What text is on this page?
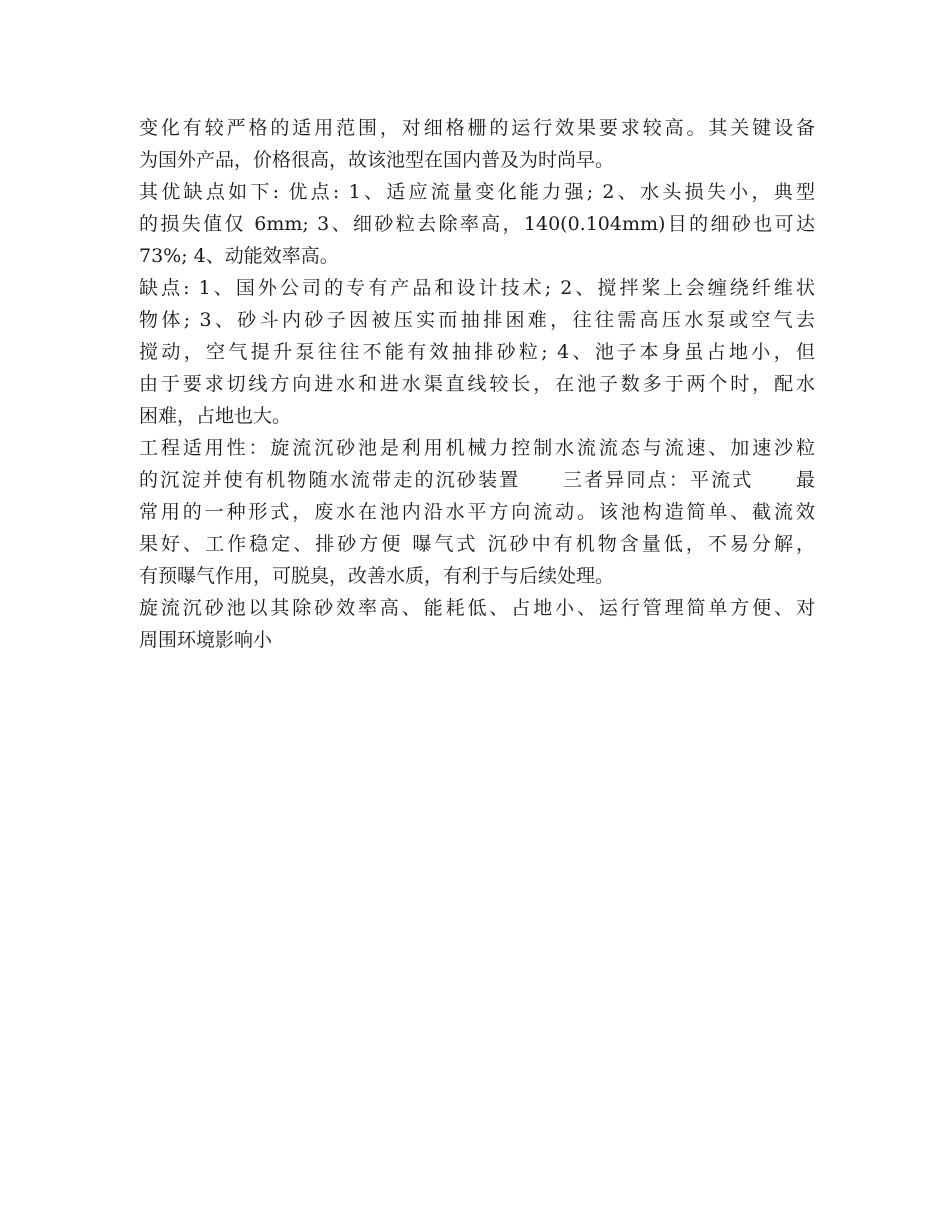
变化有较严格的适用范围，对细格栅的运行效果要求较高。其关键设备
为国外产品，价格很高，故该池型在国内普及为时尚早。
其优缺点如下: 优点: 1、适应流量变化能力强; 2、水头损失小，典型
的损失值仅 6mm; 3、细砂粒去除率高，140(0.104mm)目的细砂也可达
73%; 4、动能效率高。
缺点: 1、国外公司的专有产品和设计技术; 2、搅拌桨上会缠绕纤维状
物体; 3、砂斗内砂子因被压实而抽排困难，往往需高压水泵或空气去
搅动，空气提升泵往往不能有效抽排砂粒; 4、池子本身虽占地小，但
由于要求切线方向进水和进水渠直线较长，在池子数多于两个时，配水
困难，占地也大。
工程适用性：旋流沉砂池是利用机械力控制水流流态与流速、加速沙粒
的沉淀并使有机物随水流带走的沉砂装置　　三者异同点：平流式　　最
常用的一种形式，废水在池内沿水平方向流动。该池构造简单、截流效
果好、工作稳定、排砂方便 曝气式 沉砂中有机物含量低，不易分解，
有预曝气作用，可脱臭，改善水质，有利于与后续处理。
旋流沉砂池以其除砂效率高、能耗低、占地小、运行管理简单方便、对
周围环境影响小
